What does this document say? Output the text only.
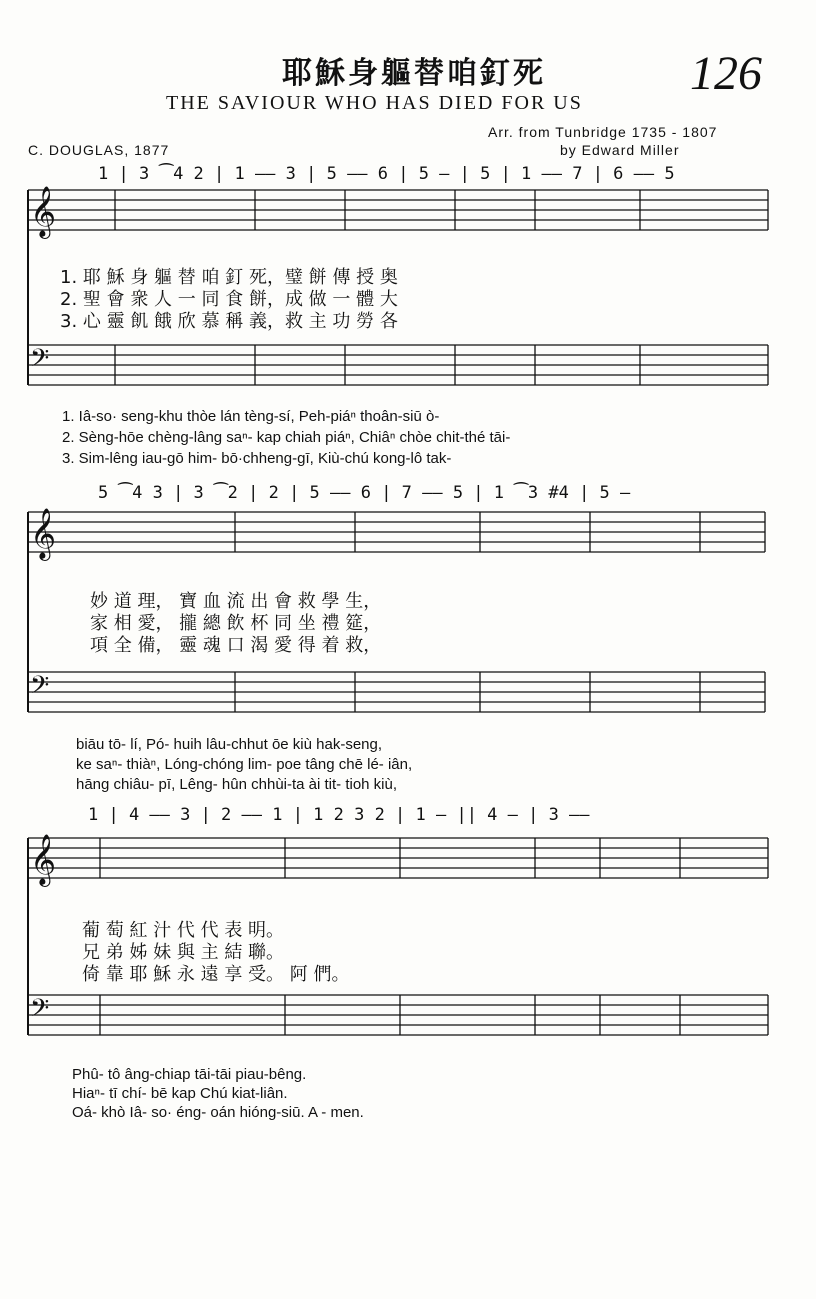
耶穌身軀替咱釘死
THE SAVIOUR WHO HAS DIED FOR US
126
Arr. from Tunbridge 1735 - 1807
by Edward Miller
C. DOUGLAS, 1877
𝄞
𝄢
𝄞
𝄢
𝄞
𝄢
1 | 3 ⁀4 2 | 1 —— 3 | 5 —— 6 | 5 — | 5 | 1 —— 7 | 6 —— 5
1. 耶 穌 身 軀 替 咱 釘 死，璧 餅 傳 授 奥
2. 聖 會 衆 人 一 同 食 餅，成 做 一 體 大
3. 心 靈 飢 餓 欣 慕 稱 義，救 主 功 勞 各
1. Iâ-so· seng-khu thòe lán tèng-sí, Peh-piáⁿ thoân-siū ò-
2. Sèng-hōe chèng-lâng saⁿ- kap chiah piáⁿ, Chiâⁿ chòe chit-thé tāi-
3. Sim-lêng iau-gō him- bō·chheng-gī, Kiù-chú kong-lô tak-
5 ⁀4 3 | 3 ⁀2 | 2 | 5 —— 6 | 7 —— 5 | 1 ⁀3 #4 | 5 —
妙 道 理， 寶 血 流 出 會 救 學 生，
家 相 愛， 攏 總 飲 杯 同 坐 禮 筵，
項 全 備， 靈 魂 口 渴 愛 得 着 救，
biāu tō- lí, Pó- huih lâu-chhut ōe kiù hak-seng,
ke saⁿ- thiàⁿ, Lóng-chóng lim- poe tâng chē lé- iân,
hāng chiâu- pī, Lêng- hûn chhùi-ta ài tit- tioh kiù,
1 | 4 —— 3 | 2 —— 1 | 1 2 3 2 | 1 — || 4 — | 3 ——
葡 萄 紅 汁 代 代 表 明。
兄 弟 姊 妹 與 主 結 聯。
倚 靠 耶 穌 永 遠 享 受。 阿 們。
Phû- tô âng-chiap tāi-tāi piau-bêng.
Hiaⁿ- tī chí- bē kap Chú kiat-liân.
Oá- khò Iâ- so· éng- oán hióng-siū. A - men.
